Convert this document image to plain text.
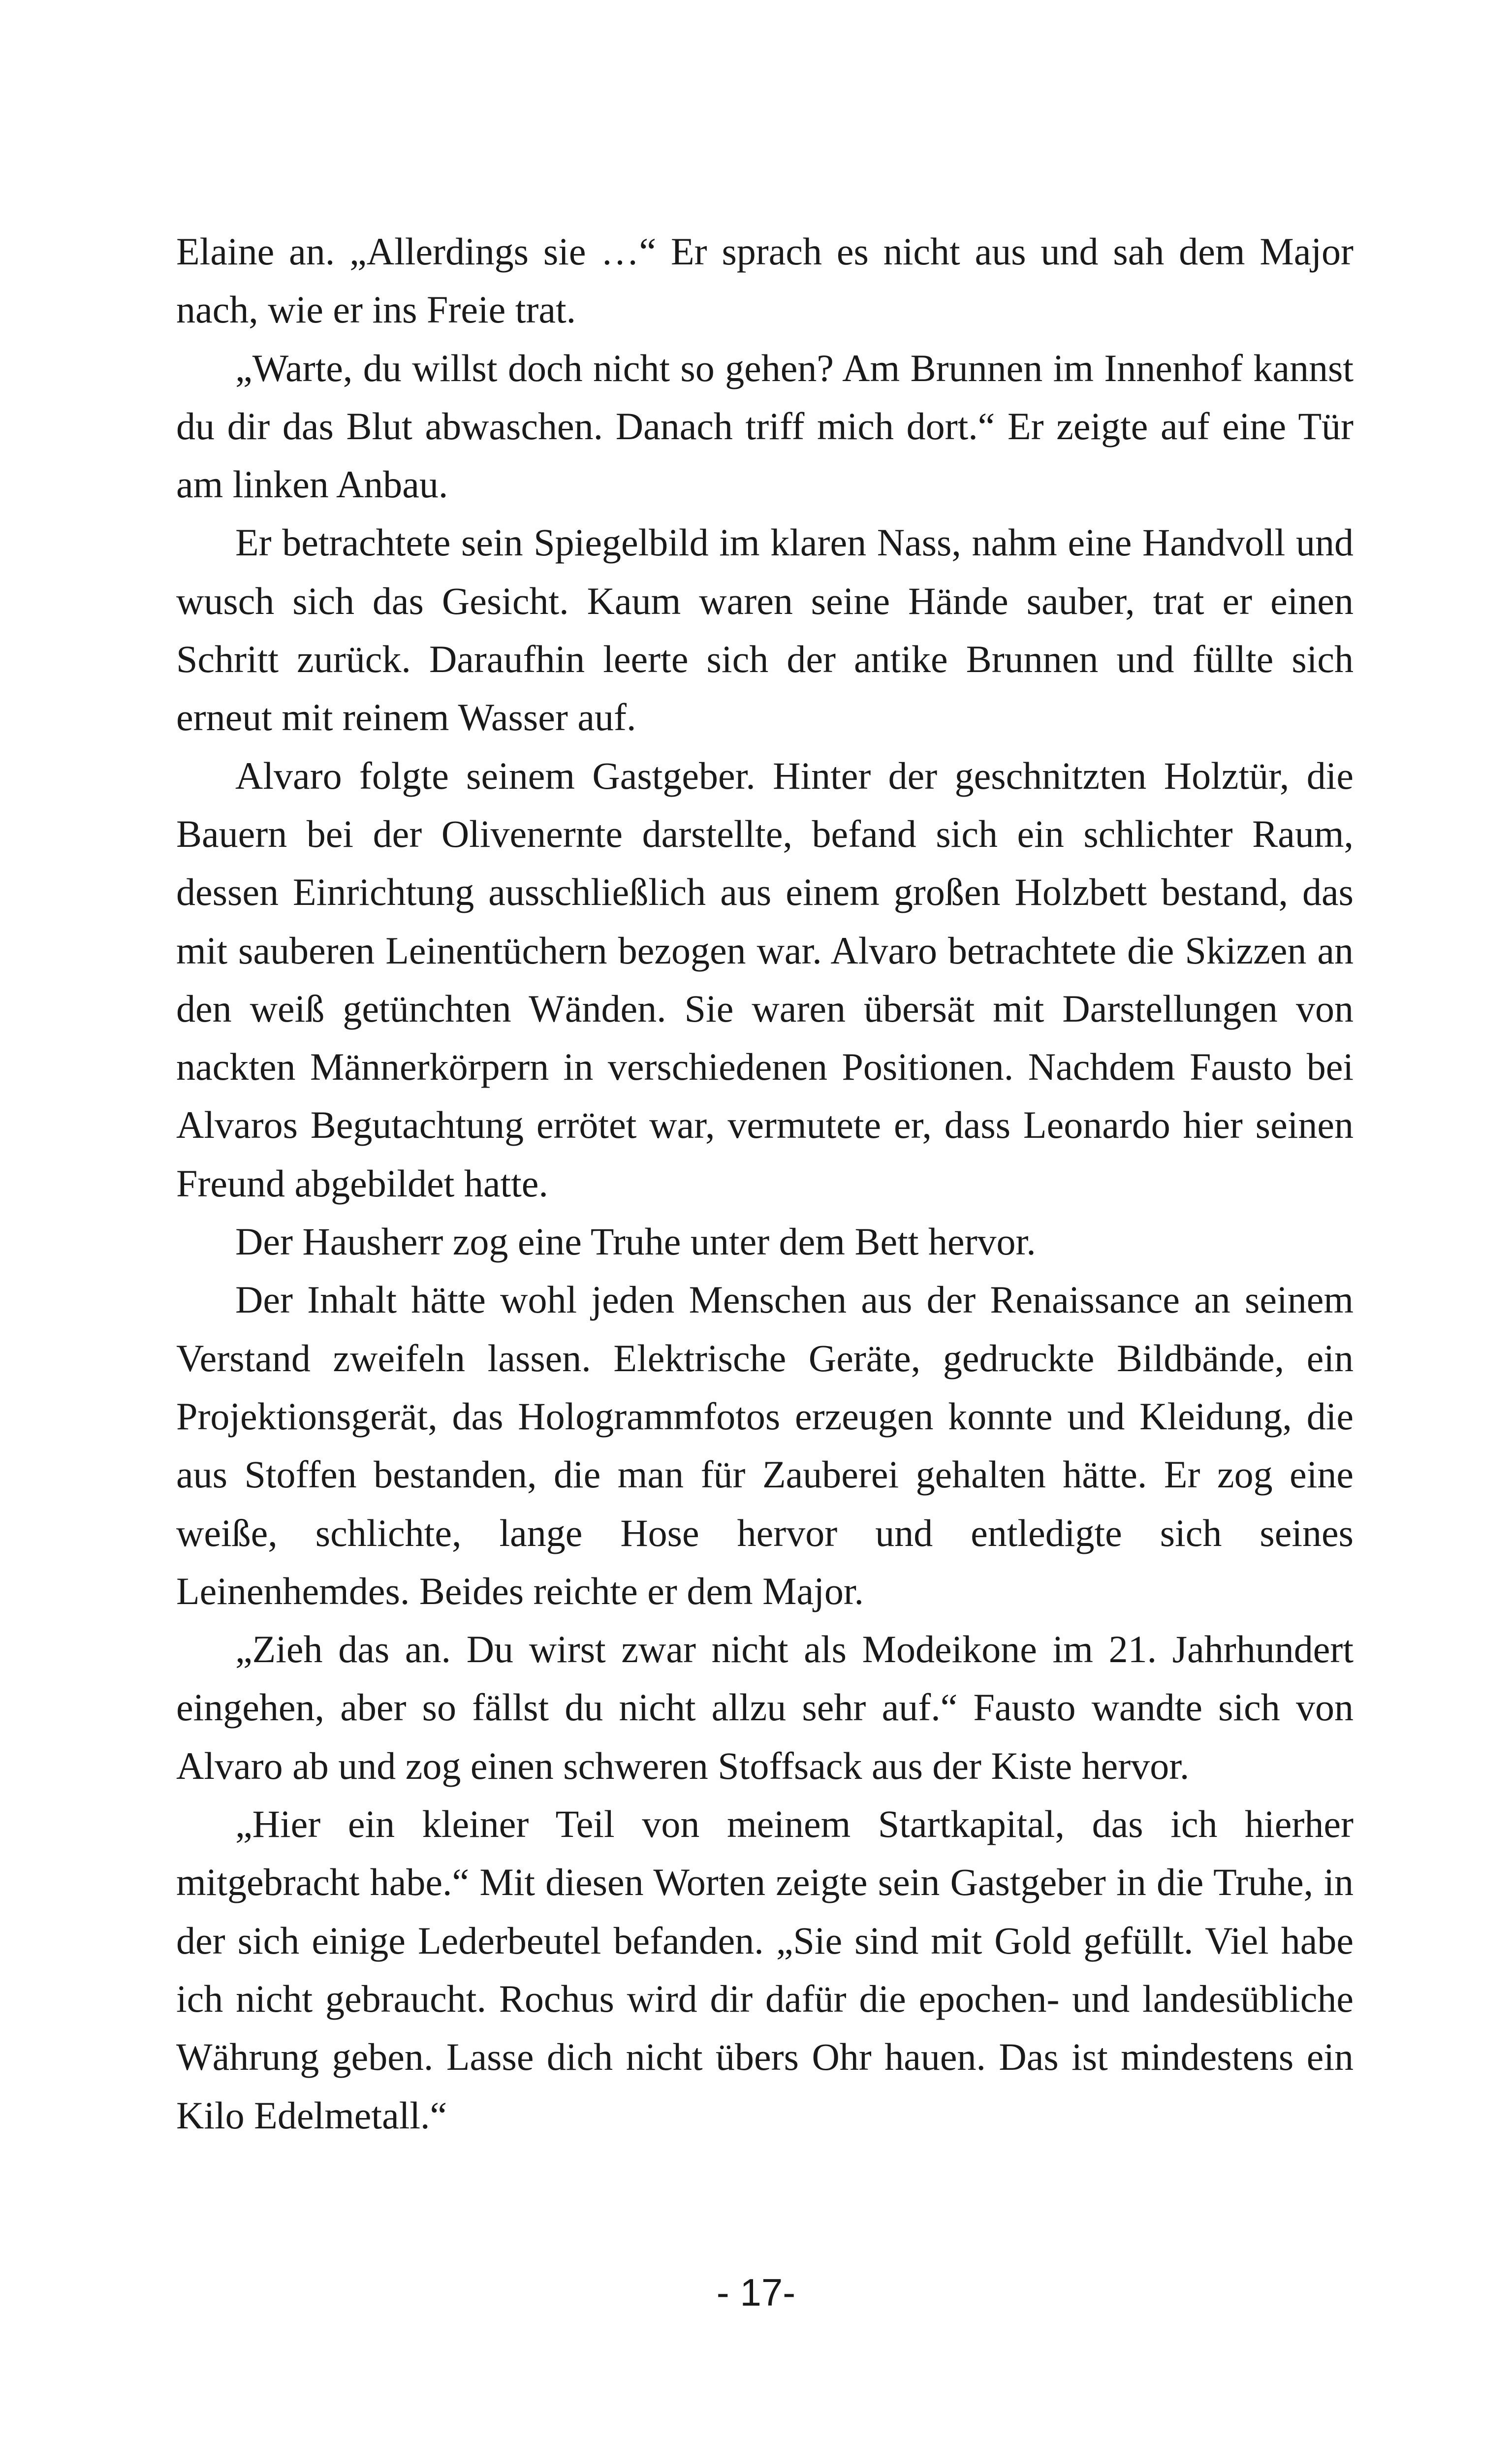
Elaine an. „Allerdings sie …“ Er sprach es nicht aus und sah dem Major nach, wie er ins Freie trat.

„Warte, du willst doch nicht so gehen? Am Brunnen im Innenhof kannst du dir das Blut abwaschen. Danach triff mich dort.“ Er zeigte auf eine Tür am linken Anbau.

Er betrachtete sein Spiegelbild im klaren Nass, nahm eine Handvoll und wusch sich das Gesicht. Kaum waren seine Hände sauber, trat er einen Schritt zurück. Daraufhin leerte sich der antike Brunnen und füllte sich erneut mit reinem Wasser auf.

Alvaro folgte seinem Gastgeber. Hinter der geschnitzten Holztür, die Bauern bei der Olivenernte darstellte, befand sich ein schlichter Raum, dessen Einrichtung ausschließlich aus einem großen Holzbett bestand, das mit sauberen Leinentüchern bezogen war. Alvaro betrachtete die Skizzen an den weiß getünchten Wänden. Sie waren übersät mit Darstellungen von nackten Männerkörpern in verschiedenen Positionen. Nachdem Fausto bei Alvaros Begutachtung errötet war, vermutete er, dass Leonardo hier seinen Freund abgebildet hatte.

Der Hausherr zog eine Truhe unter dem Bett hervor.

Der Inhalt hätte wohl jeden Menschen aus der Renaissance an seinem Verstand zweifeln lassen. Elektrische Geräte, gedruckte Bildbände, ein Projektionsgerät, das Hologrammfotos erzeugen konnte und Kleidung, die aus Stoffen bestanden, die man für Zauberei gehalten hätte. Er zog eine weiße, schlichte, lange Hose hervor und entledigte sich seines Leinenhemdes. Beides reichte er dem Major.

„Zieh das an. Du wirst zwar nicht als Modeikone im 21. Jahrhundert eingehen, aber so fällst du nicht allzu sehr auf.“ Fausto wandte sich von Alvaro ab und zog einen schweren Stoffsack aus der Kiste hervor.

„Hier ein kleiner Teil von meinem Startkapital, das ich hierher mitgebracht habe.“ Mit diesen Worten zeigte sein Gastgeber in die Truhe, in der sich einige Lederbeutel befanden. „Sie sind mit Gold gefüllt. Viel habe ich nicht gebraucht. Rochus wird dir dafür die epochen- und landesübliche Währung geben. Lasse dich nicht übers Ohr hauen. Das ist mindestens ein Kilo Edelmetall.“

- 17-
